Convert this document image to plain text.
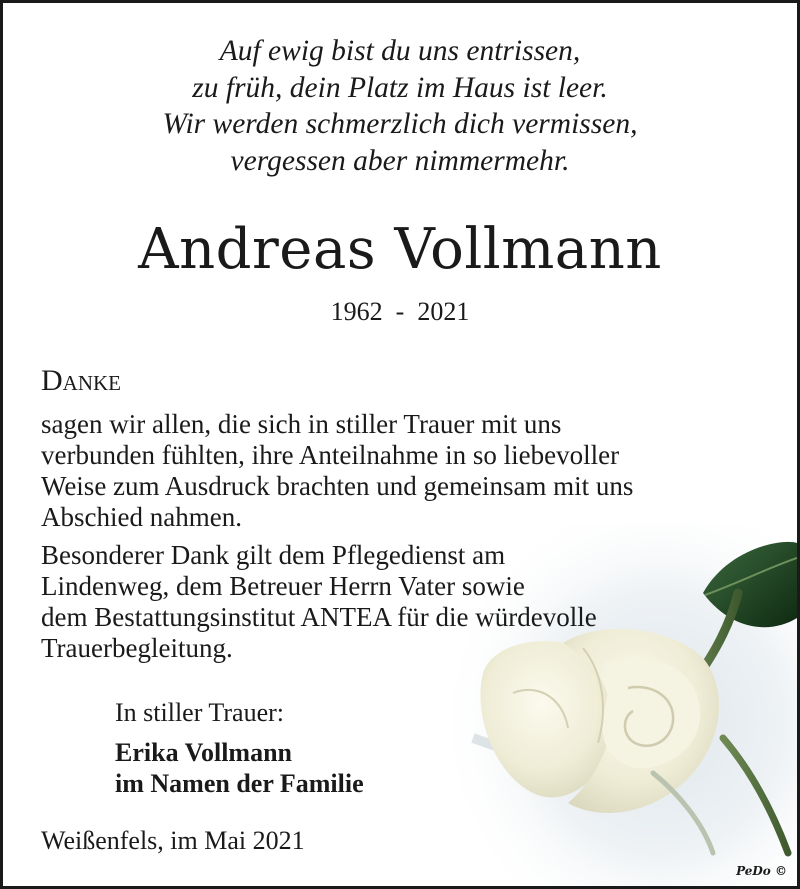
Auf ewig bist du uns entrissen,
zu früh, dein Platz im Haus ist leer.
Wir werden schmerzlich dich vermissen,
vergessen aber nimmermehr.
Andreas Vollmann
1962  -  2021
Danke
sagen wir allen, die sich in stiller Trauer mit uns
verbunden fühlten, ihre Anteilnahme in so liebevoller
Weise zum Ausdruck brachten und gemeinsam mit uns
Abschied nahmen.
Besonderer Dank gilt dem Pflegedienst am
Lindenweg, dem Betreuer Herrn Vater sowie
dem Bestattungsinstitut ANTEA für die würdevolle
Trauerbegleitung.
In stiller Trauer:
Erika Vollmann
im Namen der Familie
Weißenfels, im Mai 2021
PeDo ©
